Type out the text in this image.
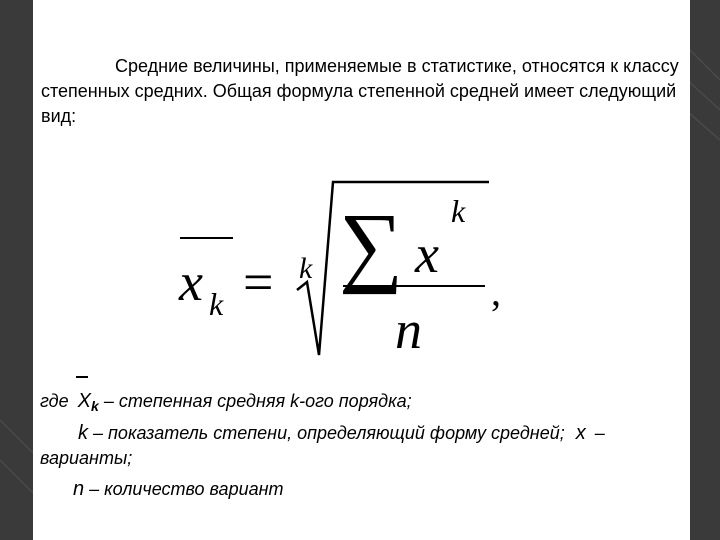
Средние величины, применяемые в статистике, относятся к классу степенных средних. Общая формула степенной средней имеет следующий вид:

x k = k ∑ x
k
n
,
где $X_k$ – степенная средняя k-ого порядка;
k – показатель степени, определяющий форму средней; x –
варианты;
n – количество вариант
